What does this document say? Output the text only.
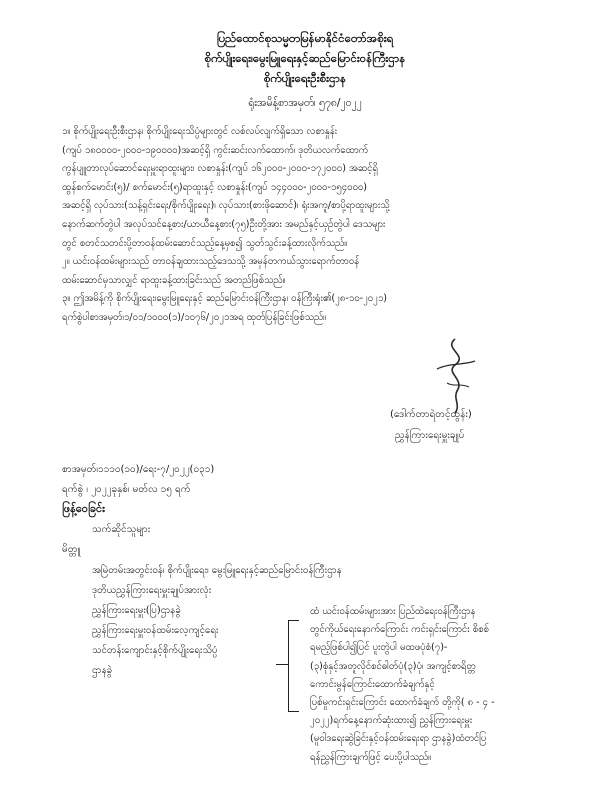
ပြည်ထောင်စုသမ္မတမြန်မာနိုင်ငံတော်အစိုးရ
စိုက်ပျိုးရေး၊မွေးမြူရေးနှင့်ဆည်မြောင်းဝန်ကြီးဌာန
စိုက်ပျိုးရေးဦးစီးဌာန
ရုံးအမိန့်စာအမှတ်၊ ၅၇၈/၂၀၂၂

၁။ စိုက်ပျိုးရေးဦးစီးဌာန၊ စိုက်ပျိုးရေးသိပ္ပံများတွင် လစ်လပ်လျက်ရှိသော လစာနှုန်း

(ကျပ် ၁၈၀၀၀၀-၂၀၀၀-၁၉၀၀၀၀)အဆင့်ရှိ ကွင်းဆင်းလက်ထောက်၊ ဒုတိယလက်ထောက်

ကွန်ပျူတာလုပ်ဆောင်ရေးမှူးရာထူးများ၊ လစာနှုန်း(ကျပ် ၁၆၂၀၀၀-၂၀၀၀-၁၇၂၀၀၀) အဆင့်ရှိ

ထွန်စက်မောင်း(၅)/ စက်မောင်း(၅)ရာထူးနှင့် လစာနှုန်း(ကျပ် ၁၄၄၀၀၀-၂၀၀၀-၁၅၄၀၀၀)

အဆင့်ရှိ လုပ်သား(သန့်ရှင်းရေး/စိုက်ပျိုးရေး)၊ လုပ်သား(စားဖိုဆောင်)၊ ရုံးအကူ/စာပို့ရာထူးများသို့

နောက်ဆက်တွဲပါ အလုပ်သင်နေ့စား/ယာယီနေ့စား(၇၅)ဦးတို့အား အမည်နှင့်ယှဉ်တွဲပါ ဒေသများ

တွင် စတင်သတင်းပို့တာဝန်ထမ်းဆောင်သည့်နေ့မှစ၍ သွတ်သွင်းခန့်ထားလိုက်သည်။

၂။ ယင်းဝန်ထမ်းများသည် တာဝန်ချထားသည့်ဒေသသို့ အမှန်တကယ်သွားရောက်တာဝန်

ထမ်းဆောင်မှသာလျှင် ရာထူးခန့်ထားခြင်းသည် အတည်ဖြစ်သည်။

၃။ ဤအမိန့်ကို စိုက်ပျိုးရေး၊မွေးမြူရေးနှင့် ဆည်မြောင်းဝန်ကြီးဌာန၊ ဝန်ကြီးရုံး၏(၂၈-၁၀-၂၀၂၁)

ရက်စွဲပါစာအမှတ်၊၁/၀၁/၁၀၀၀(၁)/၁၀၇၆/၂၀၂၁အရ ထုတ်ပြန်ခြင်းဖြစ်သည်။

(ဒေါက်တာရဲတင့်ထွန်း)
ညွှန်ကြားရေးမှူးချုပ်
စာအမှတ်၊၁၁၁၀(၁၀)/ရေး-၇/၂၀၂၂(၀၃၁)
ရက်စွဲ ၊ ၂၀၂၂ခုနှစ်၊ မတ်လ ၁၅ ရက်
ဖြန့်ဝေခြင်း
သက်ဆိုင်သူများ
မိတ္တူ
အမြဲတမ်းအတွင်းဝန်၊ စိုက်ပျိုးရေး၊ မွေးမြူရေးနှင့်ဆည်မြောင်းဝန်ကြီးဌာန
ဒုတိယညွှန်ကြားရေးမှူးချုပ်အားလုံး
ညွှန်ကြားရေးမှူး(ပြ)ဌာနခွဲ
ညွှန်ကြားရေးမှူးဝန်ထမ်းလေ့ကျင့်ရေး
သင်တန်းကျောင်းနှင့်စိုက်ပျိုးရေးသိပ္ပံ
ဌာနခွဲ

ထံ ယင်းဝန်ထမ်းများအား ပြည်ထဲရေးဝန်ကြီးဌာန

တွင်ကိုယ်ရေးနောက်ကြောင်း ကင်းရှင်းကြောင်း စိစစ်

ရမည့်ဖြစ်ပါ၍ပြင် ပူးတွဲပါ မထဖပုံစံ(၇)-

(၃)စုံနှင့်အတူလိုင်စင်ဓါတ်ပုံ(၃)ပုံ၊ အကျင့်စာရိတ္တ

ကောင်းမွန်ကြောင်းထောက်ခံချက်နှင့်

ပြစ်မှုကင်းရှင်းကြောင်း ထောက်ခံချက် တို့ကို( ၈ - ၄ -

၂၀၂၂)ရက်နေ့နောက်ဆုံးထား၍ ညွှန်ကြားရေးမှူး

(မူဝါဒရေးဆွဲခြင်းနှင့်ဝန်ထမ်းရေးရာ ဌာနခွဲ)ထံတင်ပြ

ရန်ညွှန်ကြားချက်ဖြင့် ပေးပို့ပါသည်။
